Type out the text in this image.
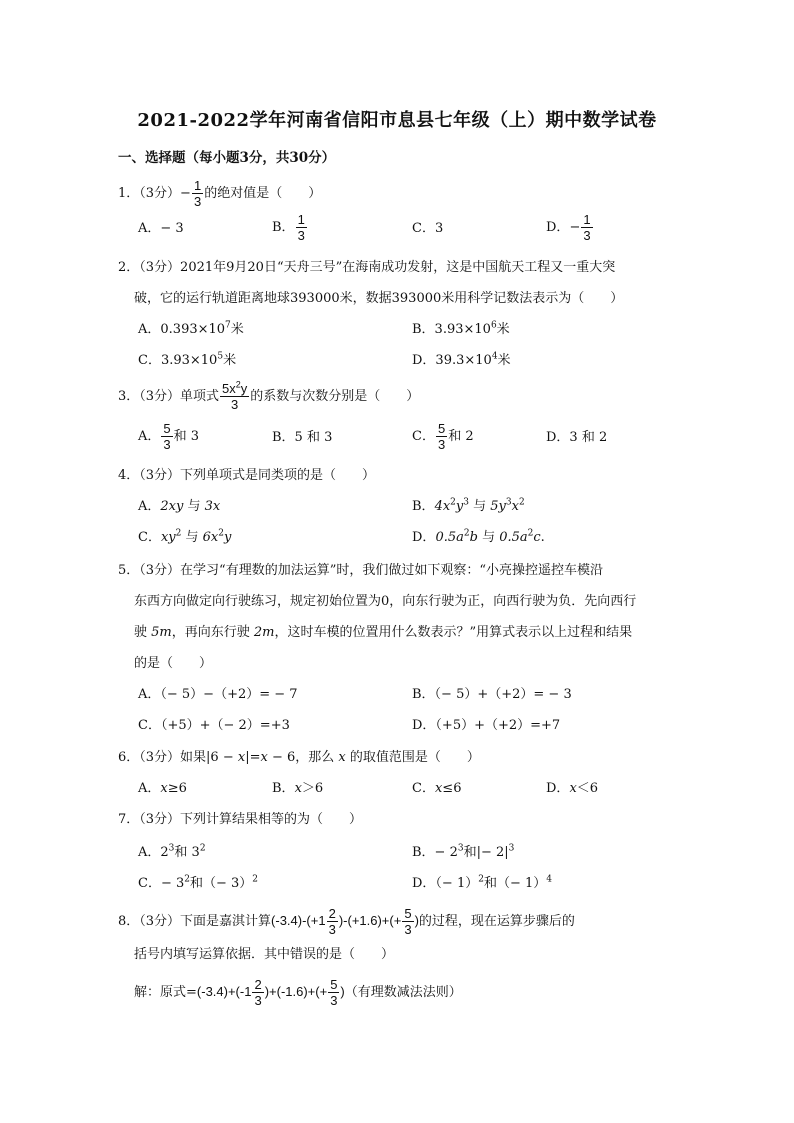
2021-2022学年河南省信阳市息县七年级（上）期中数学试卷
一、选择题（每小题3分，共30分）
1．（3分）− $\frac{1}{3}$ 的绝对值是（　　）
A．− 3	B． $\frac{1}{3}$	C．3	D．− $\frac{1}{3}$
2．（3分）2021年9月20日“天舟三号”在海南成功发射，这是中国航天工程又一重大突
破，它的运行轨道距离地球393000米，数据393000米用科学记数法表示为（　　）
A．$0.393\times 10^7$米	B．$3.93\times 10^6$米
C．$3.93\times 10^5$米	D．$39.3\times 10^4$米
3．（3分）单项式 $\frac{5x^2y}{3}$ 的系数与次数分别是（　　）
A． $\frac{5}{3}$ 和 3	B．5 和 3	C． $\frac{5}{3}$ 和 2	D．3 和 2
4．（3分）下列单项式是同类项的是（　　）
A．2xy 与 3x	B．$4x^2y^3$ 与 $5y^3x^2$
C．$xy^2$ 与 $6x^2y$	D．$0.5a^2b$ 与 $0.5a^2c$.
5．（3分）在学习“有理数的加法运算”时，我们做过如下观察：“小亮操控遥控车模沿
东西方向做定向行驶练习，规定初始位置为0，向东行驶为正，向西行驶为负．先向西行
驶 5m，再向东行驶 2m，这时车模的位置用什么数表示？”用算式表示以上过程和结果
的是（　　）
A．（− 5）−（+2）= − 7	B．（− 5）+（+2）= − 3
C．（+5）+（− 2）=+3	D．（+5）+（+2）=+7
6．（3分）如果|6 − x|=x − 6，那么 x 的取值范围是（　　）
A．x≥6	B．x＞6	C．x≤6	D．x＜6
7．（3分）下列计算结果相等的为（　　）
A．$2^3$和 $3^2$	B．− $2^3$和|− $2|^3$
C．− $3^2$和（− 3）$^2$	D．（− 1）$^2$和（− 1）$^4$
8．（3分）下面是嘉淇计算$(-3.4)-(+1 \frac{2}{3} )-(+1.6)+(+ \frac{5}{3}$ )的过程，现在运算步骤后的
括号内填写运算依据．其中错误的是（　　）
解：原式$=(-3.4)+(-1 \frac{2}{3} )+(-1.6)+(+ \frac{5}{3}$ )（有理数减法法则）
